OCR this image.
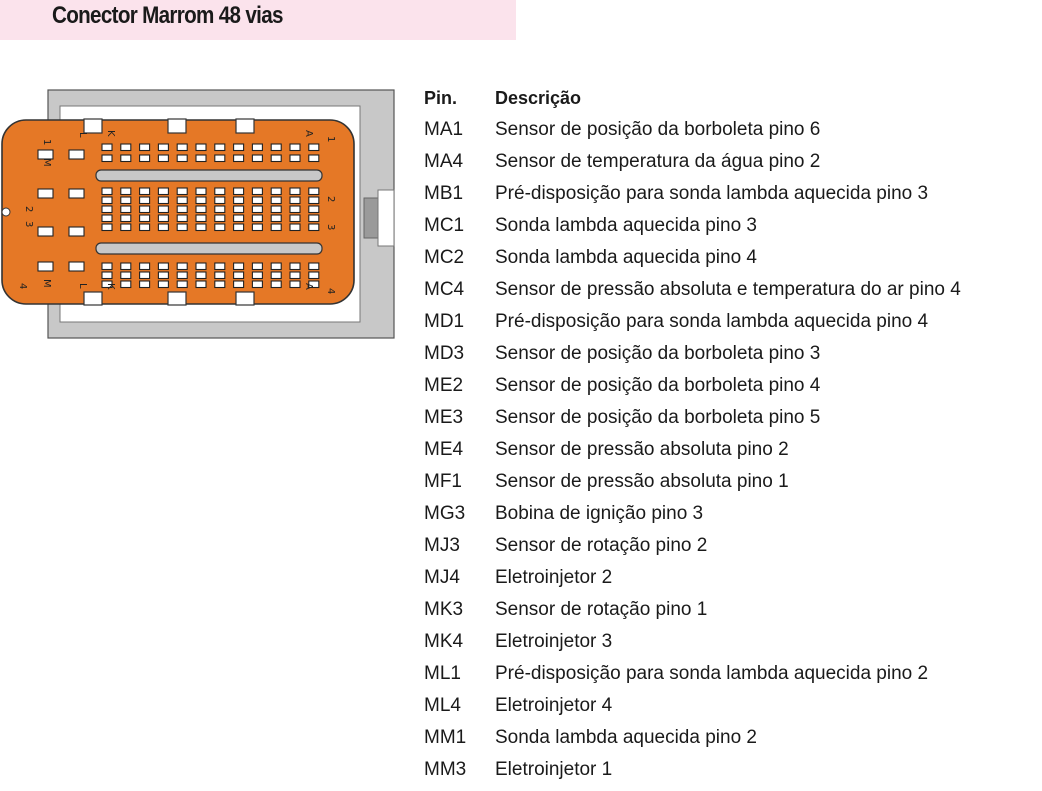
Conector Marrom 48 vias
1
M
L K	A
1
2
3
2
3
4 M	L K	A
4
Pin. Descrição
MA1 Sensor de posição da borboleta pino 6
MA4 Sensor de temperatura da água pino 2
MB1 Pré-disposição para sonda lambda aquecida pino 3
MC1 Sonda lambda aquecida pino 3
MC2 Sonda lambda aquecida pino 4
MC4 Sensor de pressão absoluta e temperatura do ar pino 4
MD1 Pré-disposição para sonda lambda aquecida pino 4
MD3 Sensor de posição da borboleta pino 3
ME2 Sensor de posição da borboleta pino 4
ME3 Sensor de posição da borboleta pino 5
ME4 Sensor de pressão absoluta pino 2
MF1 Sensor de pressão absoluta pino 1
MG3 Bobina de ignição pino 3
MJ3 Sensor de rotação pino 2
MJ4 Eletroinjetor 2
MK3 Sensor de rotação pino 1
MK4 Eletroinjetor 3
ML1 Pré-disposição para sonda lambda aquecida pino 2
ML4 Eletroinjetor 4
MM1 Sonda lambda aquecida pino 2
MM3 Eletroinjetor 1
